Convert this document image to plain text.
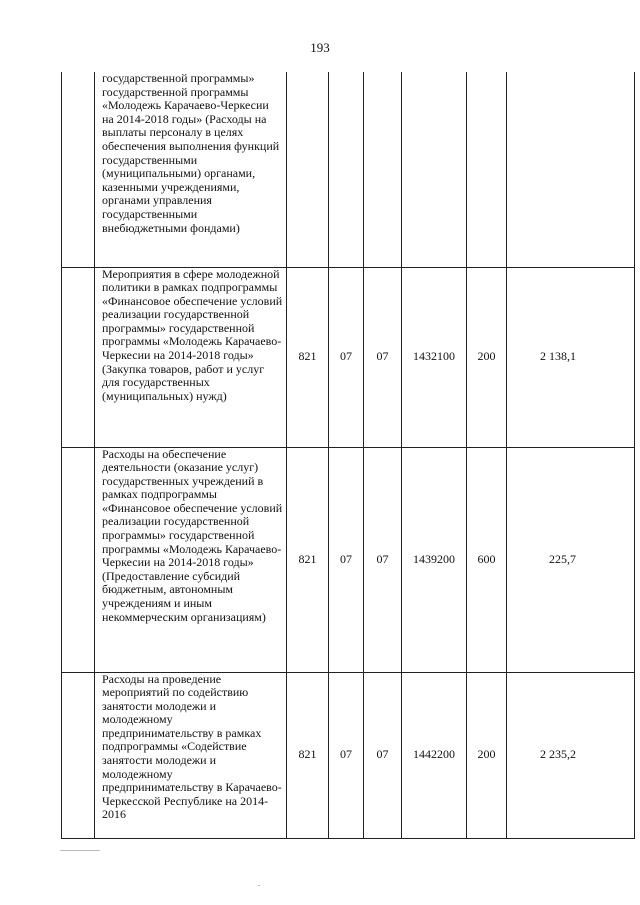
193
	государственной программы» государственной программы «Молодежь Карачаево-Черкесии на 2014-2018 годы» (Расходы на выплаты персоналу в целях обеспечения выполнения функций государственными (муниципальными) органами, казенными учреждениями, органами управления государственными внебюджетными фондами)						
	Мероприятия в сфере молодежной политики в рамках подпрограммы «Финансовое обеспечение условий реализации государственной программы» государственной программы «Молодежь Карачаево-Черкесии на 2014-2018 годы» (Закупка товаров, работ и услуг для государственных (муниципальных) нужд)	821	07	07	1432100	200	2 138,1
	Расходы на обеспечение деятельности (оказание услуг) государственных учреждений в рамках подпрограммы «Финансовое обеспечение условий реализации государственной программы» государственной программы «Молодежь Карачаево-Черкесии на 2014-2018 годы» (Предоставление субсидий бюджетным, автономным учреждениям и иным некоммерческим организациям)	821	07	07	1439200	600	225,7
	Расходы на проведение мероприятий по содействию занятости молодежи и молодежному предпринимательству в рамках подпрограммы «Содействие занятости молодежи и молодежному предпринимательству в Карачаево-Черкесской Республике на 2014-2016	821	07	07	1442200	200	2 235,2
